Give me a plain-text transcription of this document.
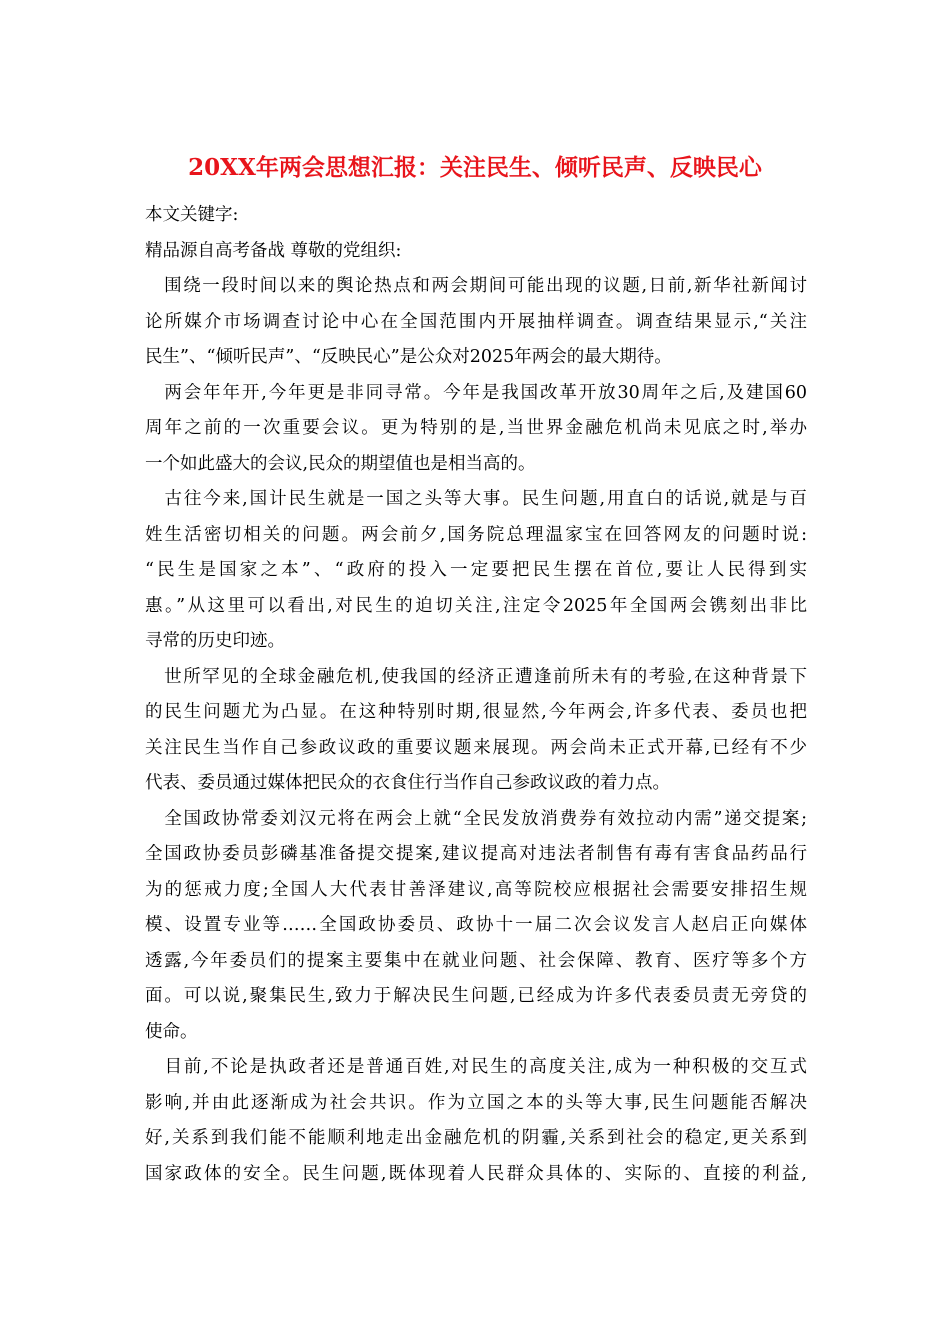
20XX年两会思想汇报：关注民生、倾听民声、反映民心
本文关键字:
精品源自高考备战 尊敬的党组织:
围绕一段时间以来的舆论热点和两会期间可能出现的议题,日前,新华社新闻讨
论所媒介市场调查讨论中心在全国范围内开展抽样调查。调查结果显示,“关注
民生”、“倾听民声”、“反映民心”是公众对2025年两会的最大期待。
两会年年开,今年更是非同寻常。今年是我国改革开放30周年之后,及建国60
周年之前的一次重要会议。更为特别的是,当世界金融危机尚未见底之时,举办
一个如此盛大的会议,民众的期望值也是相当高的。
古往今来,国计民生就是一国之头等大事。民生问题,用直白的话说,就是与百
姓生活密切相关的问题。两会前夕,国务院总理温家宝在回答网友的问题时说:
“民生是国家之本”、“政府的投入一定要把民生摆在首位,要让人民得到实
惠。”从这里可以看出,对民生的迫切关注,注定令2025年全国两会镌刻出非比
寻常的历史印迹。
世所罕见的全球金融危机,使我国的经济正遭逢前所未有的考验,在这种背景下
的民生问题尤为凸显。在这种特别时期,很显然,今年两会,许多代表、委员也把
关注民生当作自己参政议政的重要议题来展现。两会尚未正式开幕,已经有不少
代表、委员通过媒体把民众的衣食住行当作自己参政议政的着力点。
全国政协常委刘汉元将在两会上就“全民发放消费券有效拉动内需”递交提案;
全国政协委员彭磷基准备提交提案,建议提高对违法者制售有毒有害食品药品行
为的惩戒力度;全国人大代表甘善泽建议,高等院校应根据社会需要安排招生规
模、设置专业等……全国政协委员、政协十一届二次会议发言人赵启正向媒体
透露,今年委员们的提案主要集中在就业问题、社会保障、教育、医疗等多个方
面。可以说,聚集民生,致力于解决民生问题,已经成为许多代表委员责无旁贷的
使命。
目前,不论是执政者还是普通百姓,对民生的高度关注,成为一种积极的交互式
影响,并由此逐渐成为社会共识。作为立国之本的头等大事,民生问题能否解决
好,关系到我们能不能顺利地走出金融危机的阴霾,关系到社会的稳定,更关系到
国家政体的安全。民生问题,既体现着人民群众具体的、实际的、直接的利益,
